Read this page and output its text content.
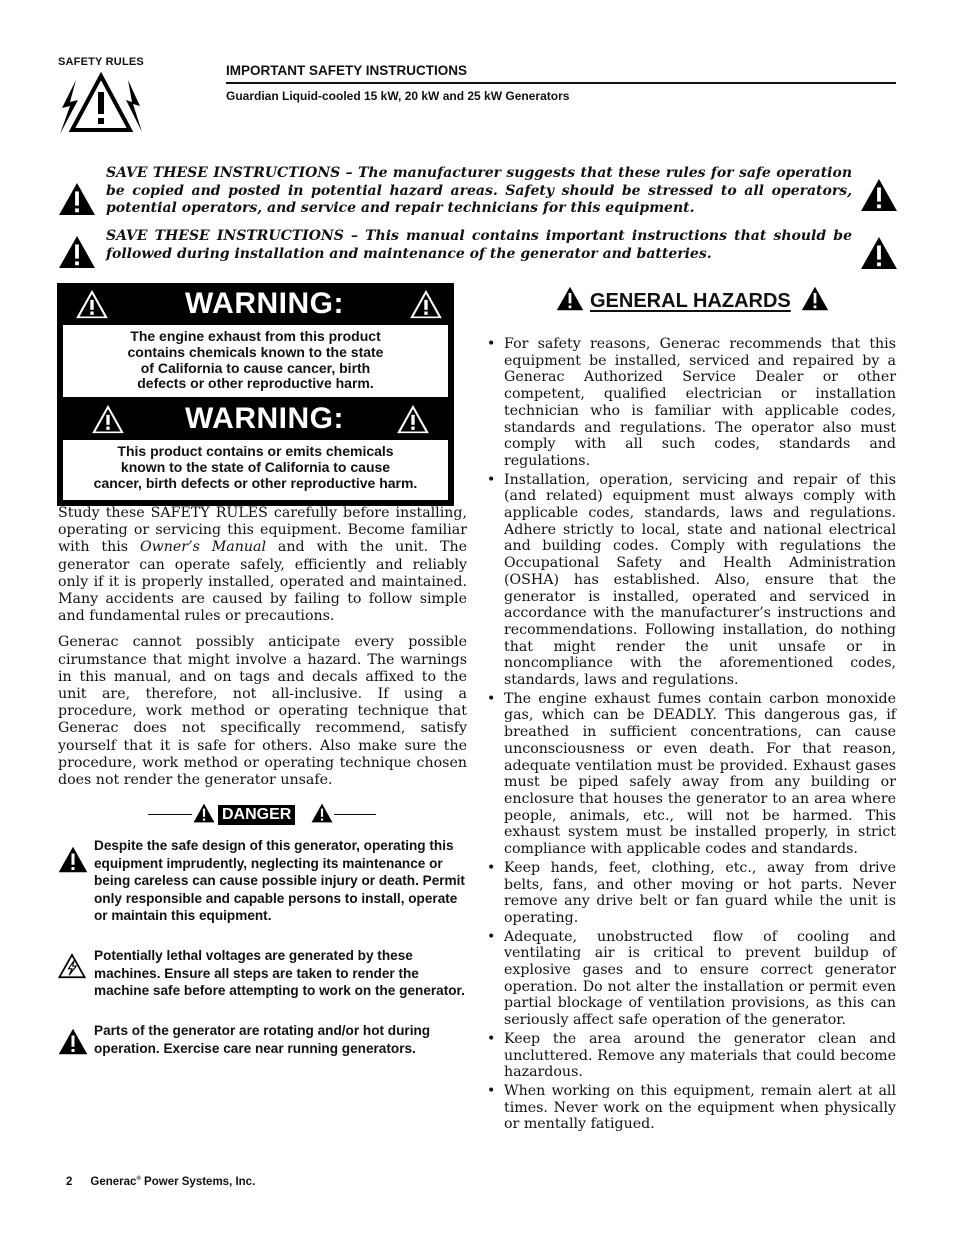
SAFETY RULES
IMPORTANT SAFETY INSTRUCTIONS
Guardian Liquid-cooled 15 kW, 20 kW and 25 kW Generators
SAVE THESE INSTRUCTIONS – The manufacturer suggests that these rules for safe operation be copied and posted in potential hazard areas. Safety should be stressed to all operators, potential operators, and service and repair technicians for this equipment.
SAVE THESE INSTRUCTIONS – This manual contains important instructions that should be followed during installation and maintenance of the generator and batteries.
WARNING:
The engine exhaust from this product
contains chemicals known to the state
of California to cause cancer, birth
defects or other reproductive harm.
WARNING:
This product contains or emits chemicals
known to the state of California to cause
cancer, birth defects or other reproductive harm.

Study these SAFETY RULES carefully before installing, operating or servicing this equipment. Become familiar with this Owner’s Manual and with the unit. The generator can operate safely, efficiently and reliably only if it is properly installed, operated and maintained. Many accidents are caused by failing to follow simple and fundamental rules or precautions.

Generac cannot possibly anticipate every possible cirumstance that might involve a hazard. The warnings in this manual, and on tags and decals affixed to the unit are, therefore, not all-inclusive. If using a procedure, work method or operating technique that Generac does not specifically recommend, satisfy yourself that it is safe for others. Also make sure the procedure, work method or operating technique chosen does not render the generator unsafe.

DANGER
Despite the safe design of this generator, operating this equipment imprudently, neglecting its maintenance or being careless can cause possible injury or death. Permit only responsible and capable persons to install, operate or maintain this equipment.
Potentially lethal voltages are generated by these machines. Ensure all steps are taken to render the machine safe before attempting to work on the generator.
Parts of the generator are rotating and/or hot during operation. Exercise care near running generators.
GENERAL HAZARDS
• For safety reasons, Generac recommends that this equipment be installed, serviced and repaired by a Generac Authorized Service Dealer or other competent, qualified electrician or installation technician who is familiar with applicable codes, standards and regulations. The operator also must comply with all such codes, standards and regulations.
• Installation, operation, servicing and repair of this (and related) equipment must always comply with applicable codes, standards, laws and regulations. Adhere strictly to local, state and national electrical and building codes. Comply with regulations the Occupational Safety and Health Administration (OSHA) has established. Also, ensure that the generator is installed, operated and serviced in accordance with the manufacturer’s instructions and recommendations. Following installation, do nothing that might render the unit unsafe or in noncompliance with the aforementioned codes, standards, laws and regulations.
• The engine exhaust fumes contain carbon monoxide gas, which can be DEADLY. This dangerous gas, if breathed in sufficient concentrations, can cause unconsciousness or even death. For that reason, adequate ventilation must be provided. Exhaust gases must be piped safely away from any building or enclosure that houses the generator to an area where people, animals, etc., will not be harmed. This exhaust system must be installed properly, in strict compliance with applicable codes and standards.
• Keep hands, feet, clothing, etc., away from drive belts, fans, and other moving or hot parts. Never remove any drive belt or fan guard while the unit is operating.
• Adequate, unobstructed flow of cooling and ventilating air is critical to prevent buildup of explosive gases and to ensure correct generator operation. Do not alter the installation or permit even partial blockage of ventilation provisions, as this can seriously affect safe operation of the generator.
• Keep the area around the generator clean and uncluttered. Remove any materials that could become hazardous.
• When working on this equipment, remain alert at all times. Never work on the equipment when physically or mentally fatigued.
2 Generac® Power Systems, Inc.
